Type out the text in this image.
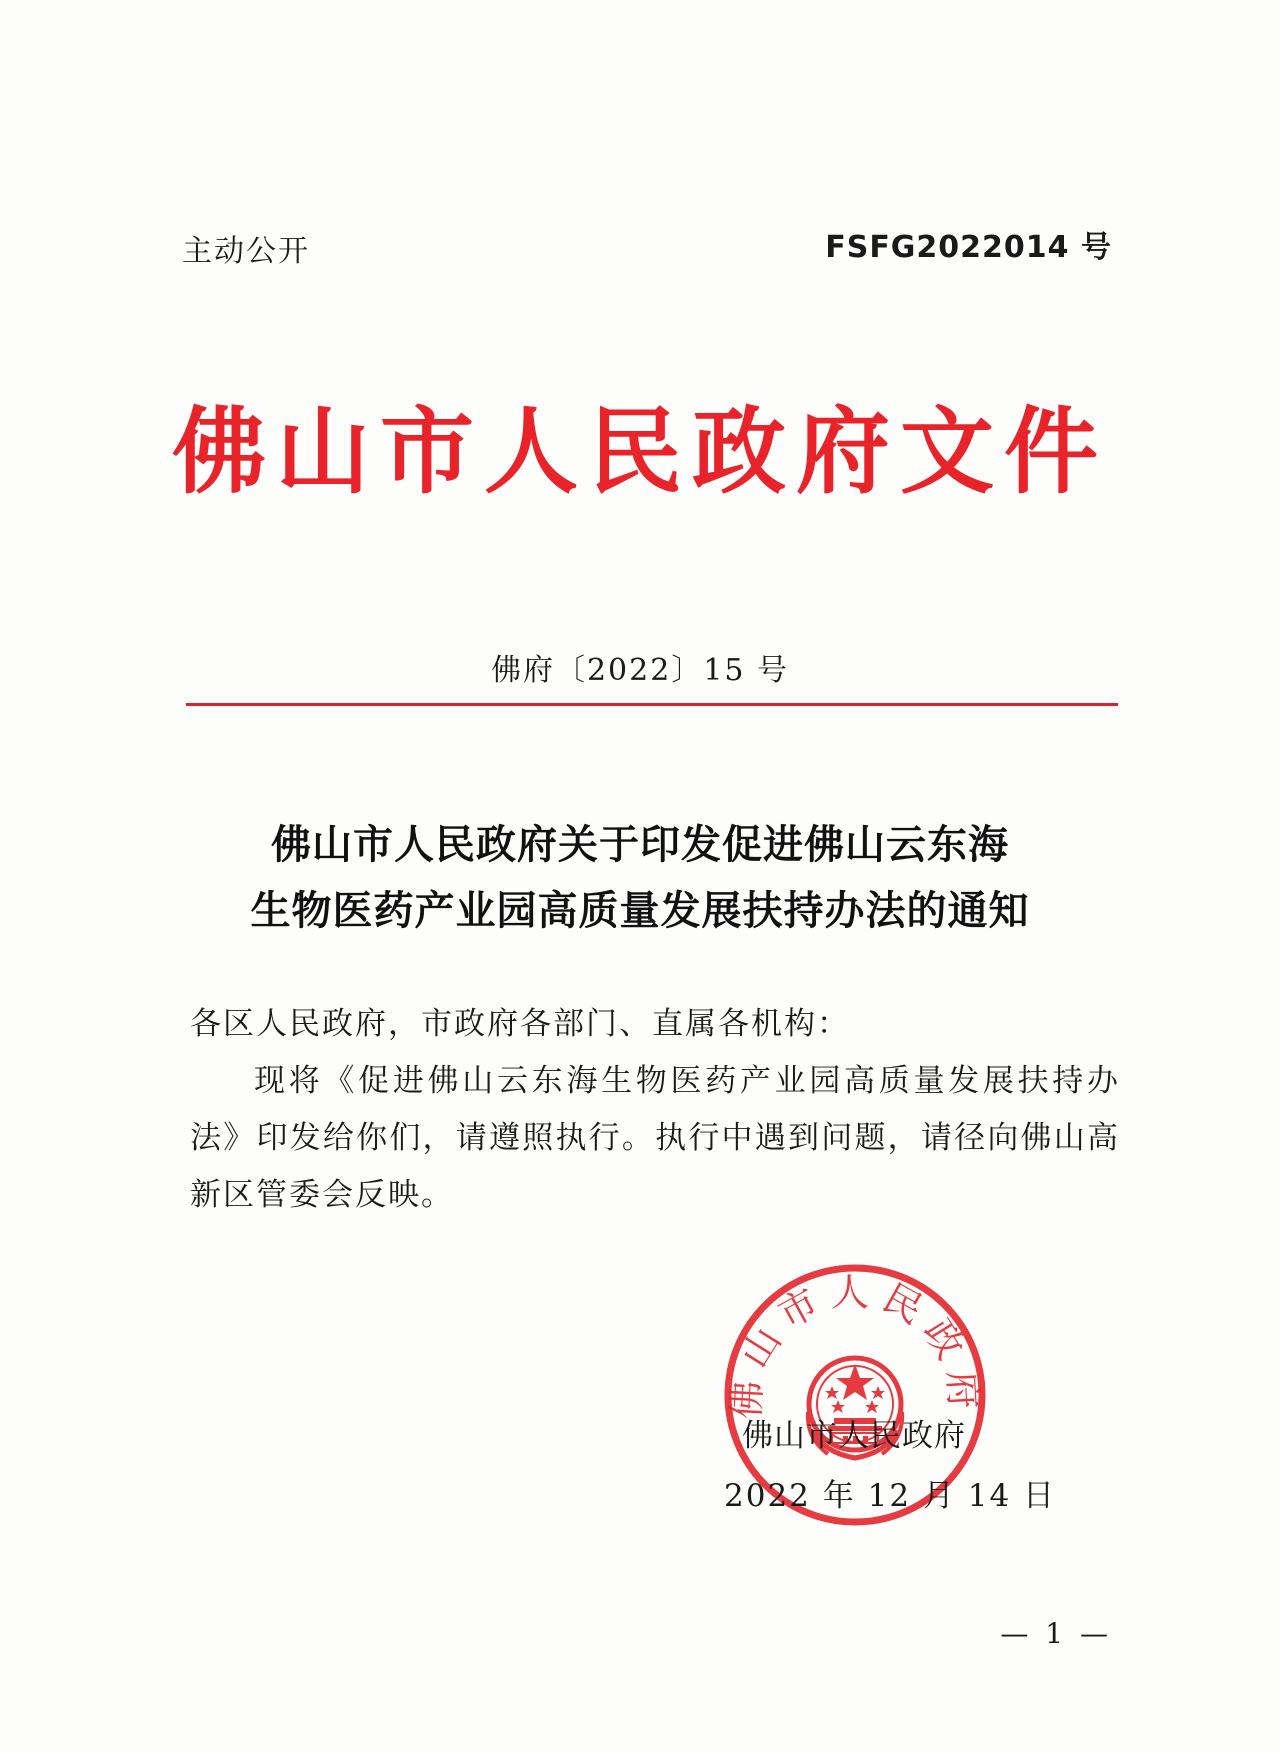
主动公开	FSFG2022014 号
佛山市人民政府文件
佛府〔2022〕15 号
佛山市人民政府关于印发促进佛山云东海
生物医药产业园高质量发展扶持办法的通知
各区人民政府，市政府各部门、直属各机构：
现将《促进佛山云东海生物医药产业园高质量发展扶持办法》印发给你们，请遵照执行。执行中遇到问题，请径向佛山高新区管委会反映。
佛山市人民政府
佛山市人民政府
2022 年 12 月 14 日
— 1 —
